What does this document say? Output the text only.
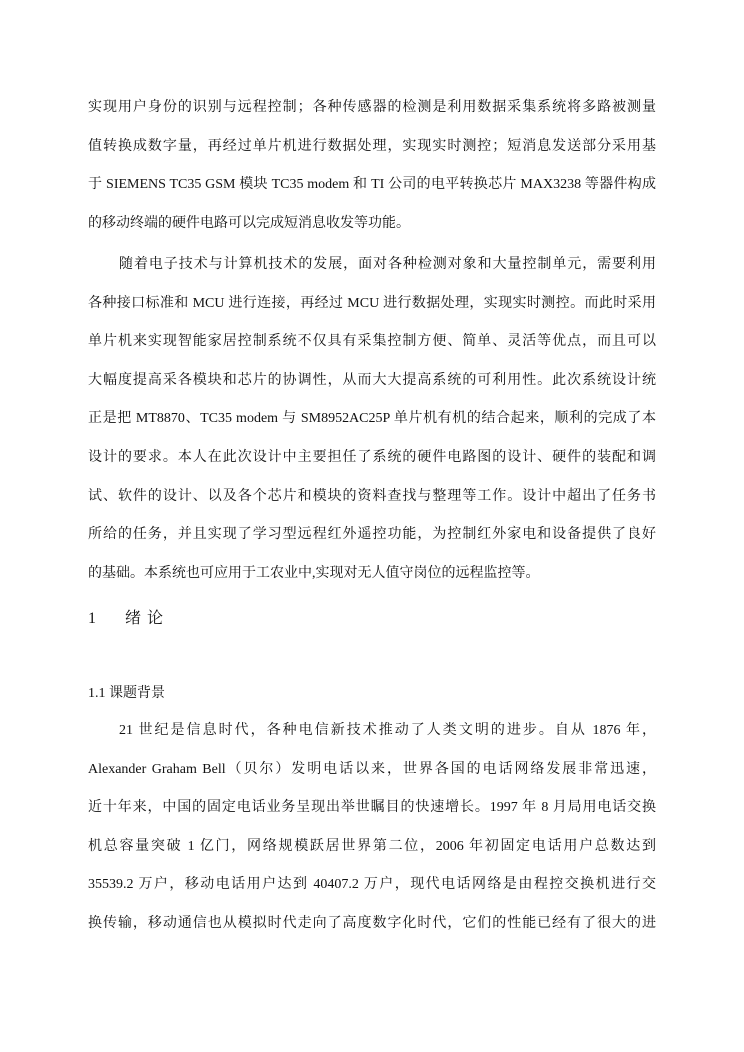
实现用户身份的识别与远程控制；各种传感器的检测是利用数据采集系统将多路被测量
值转换成数字量，再经过单片机进行数据处理，实现实时测控；短消息发送部分采用基
于 SIEMENS TC35 GSM 模块 TC35 modem 和 TI 公司的电平转换芯片 MAX3238 等器件构成
的移动终端的硬件电路可以完成短消息收发等功能。
随着电子技术与计算机技术的发展，面对各种检测对象和大量控制单元，需要利用
各种接口标准和 MCU 进行连接，再经过 MCU 进行数据处理，实现实时测控。而此时采用
单片机来实现智能家居控制系统不仅具有采集控制方便、简单、灵活等优点，而且可以
大幅度提高采各模块和芯片的协调性，从而大大提高系统的可利用性。此次系统设计统
正是把 MT8870、TC35 modem 与 SM8952AC25P 单片机有机的结合起来，顺利的完成了本
设计的要求。本人在此次设计中主要担任了系统的硬件电路图的设计、硬件的装配和调
试、软件的设计、以及各个芯片和模块的资料查找与整理等工作。设计中超出了任务书
所给的任务，并且实现了学习型远程红外遥控功能，为控制红外家电和设备提供了良好
的基础。本系统也可应用于工农业中,实现对无人值守岗位的远程监控等。
1 绪 论
1.1 课题背景
21 世纪是信息时代，各种电信新技术推动了人类文明的进步。自从 1876 年，
Alexander Graham Bell（贝尔）发明电话以来，世界各国的电话网络发展非常迅速，
近十年来，中国的固定电话业务呈现出举世瞩目的快速增长。1997 年 8 月局用电话交换
机总容量突破 1 亿门，网络规模跃居世界第二位，2006 年初固定电话用户总数达到
35539.2 万户，移动电话用户达到 40407.2 万户，现代电话网络是由程控交换机进行交
换传输，移动通信也从模拟时代走向了高度数字化时代，它们的性能已经有了很大的进
